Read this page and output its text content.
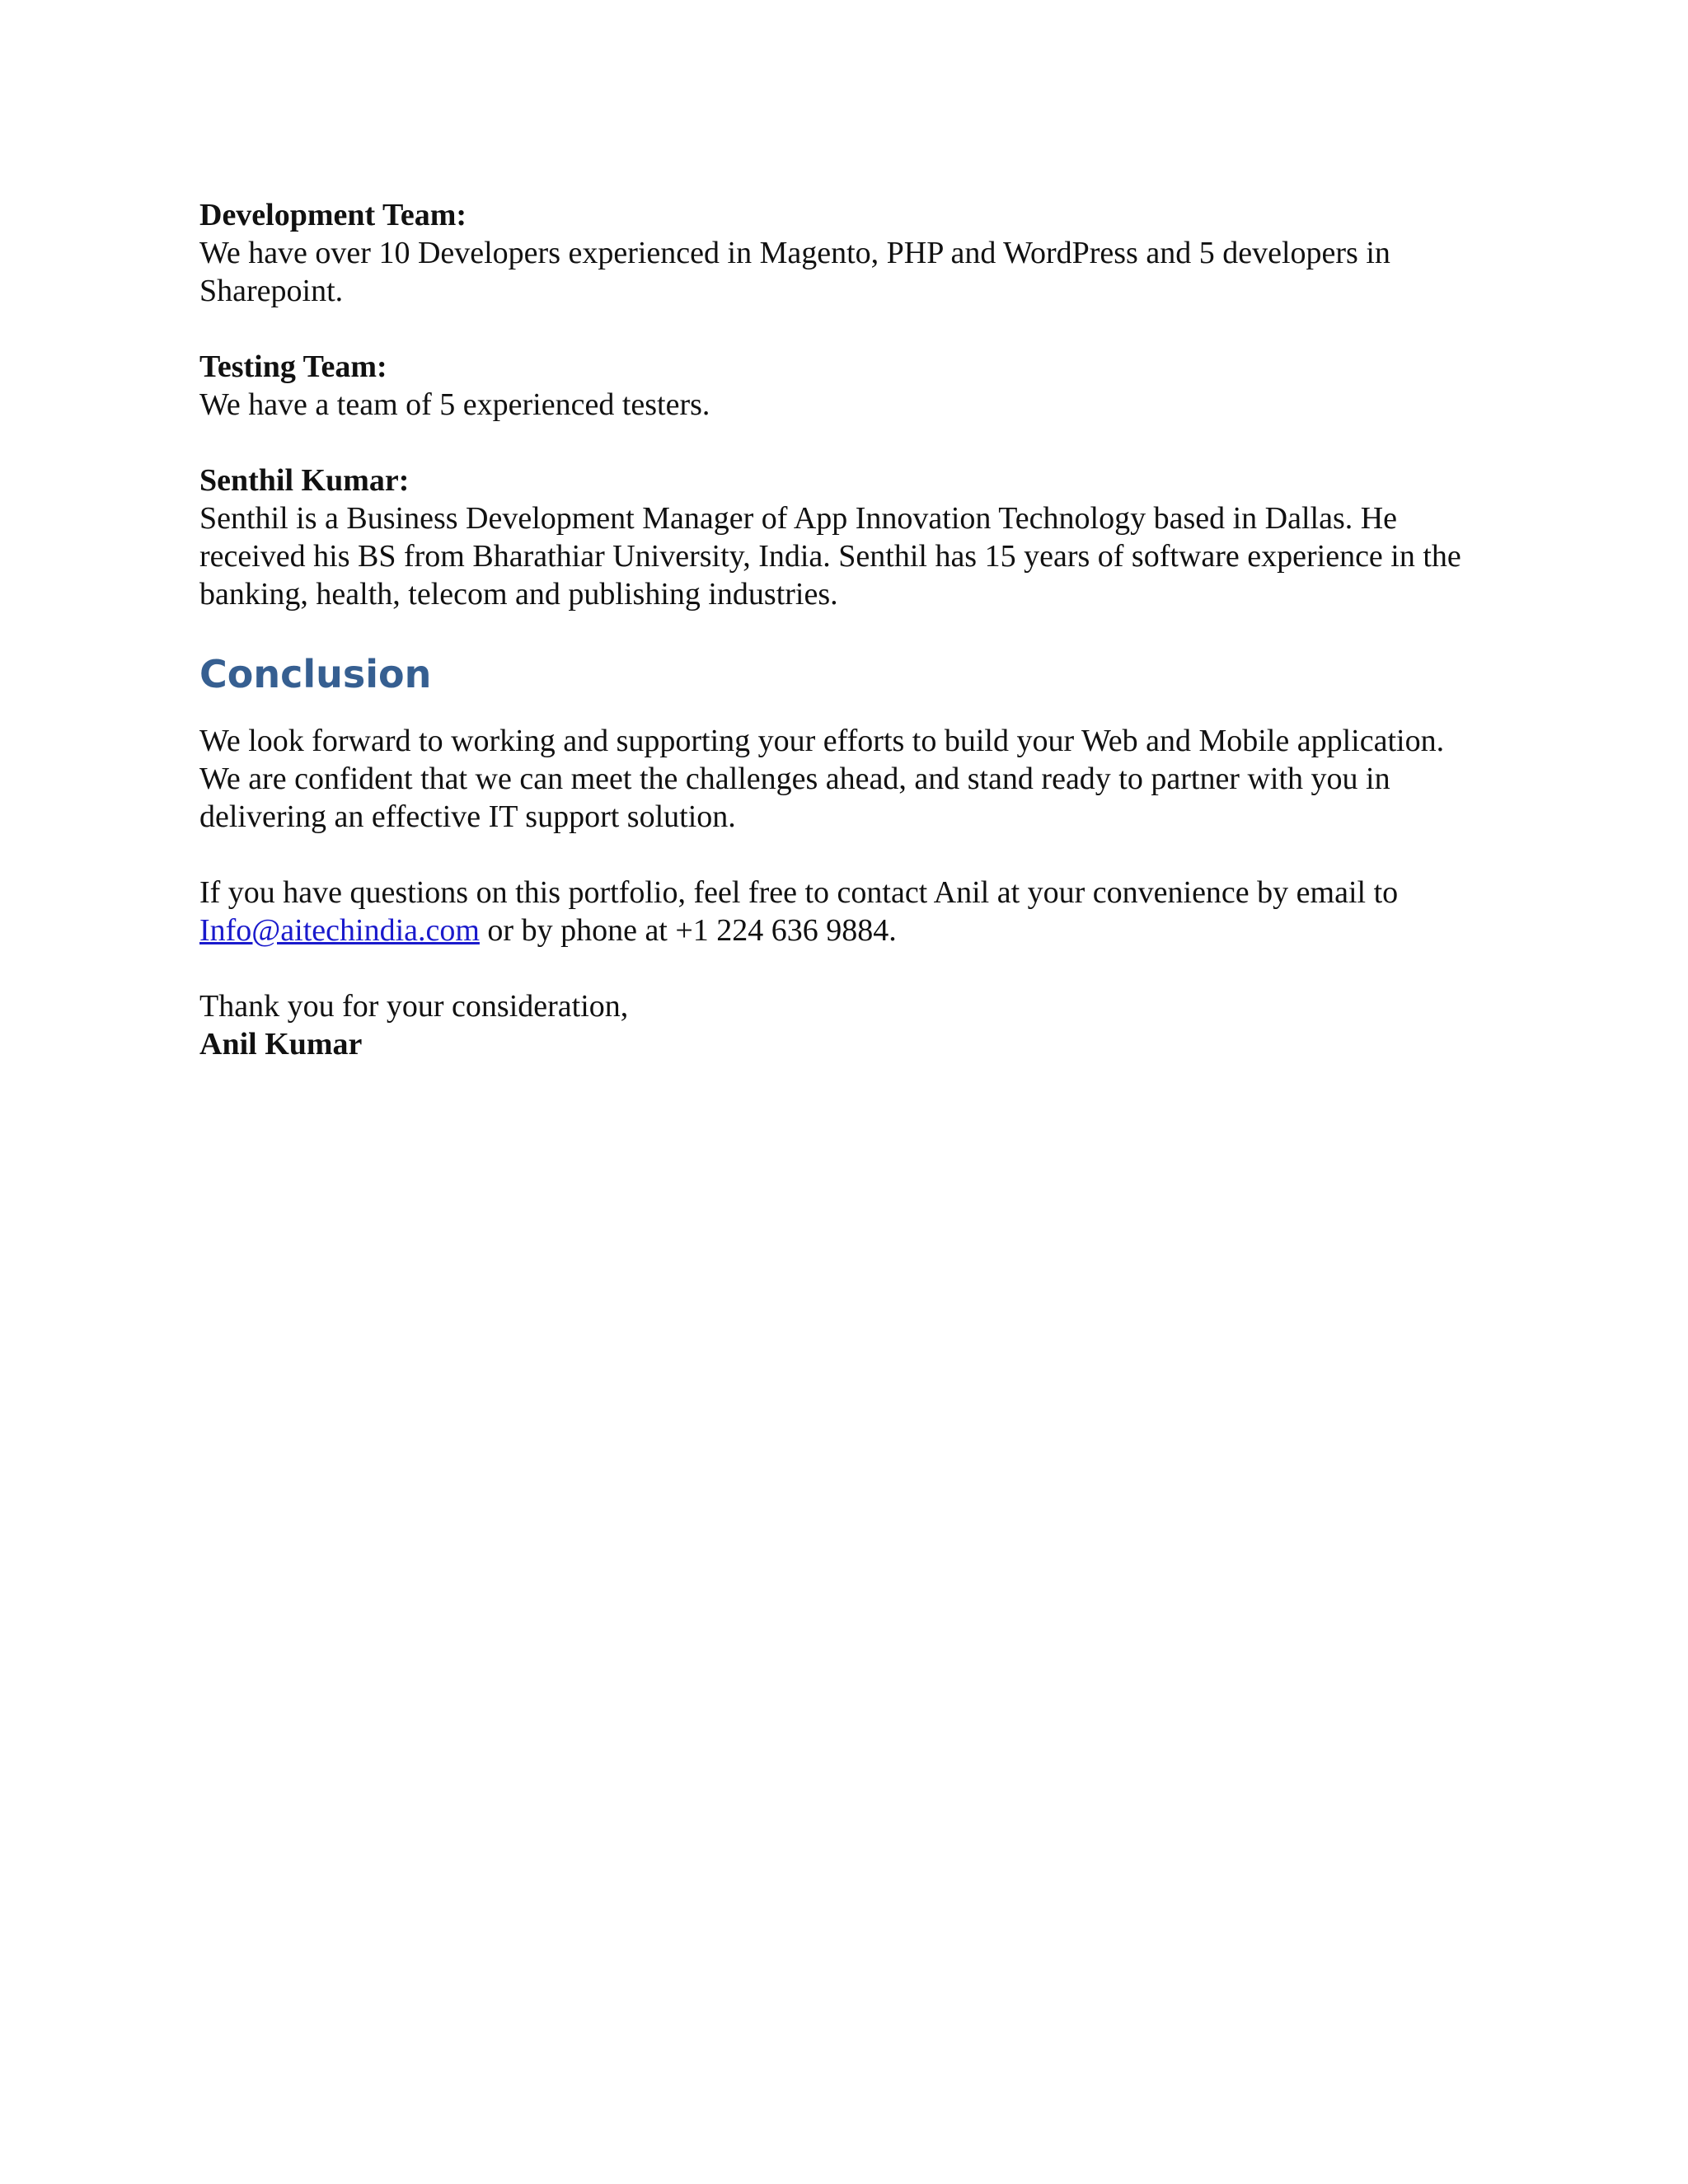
Development Team:

We have over 10 Developers experienced in Magento, PHP and WordPress and 5 developers in Sharepoint.

Testing Team:

We have a team of 5 experienced testers.

Senthil Kumar:

Senthil is a Business Development Manager of App Innovation Technology based in Dallas. He received his BS from Bharathiar University, India. Senthil has 15 years of software experience in the banking, health, telecom and publishing industries.

Conclusion

We look forward to working and supporting your efforts to build your Web and Mobile application. We are confident that we can meet the challenges ahead, and stand ready to partner with you in delivering an effective IT support solution.

If you have questions on this portfolio, feel free to contact Anil at your convenience by email to Info@aitechindia.com or by phone at +1 224 636 9884.

Thank you for your consideration,
Anil Kumar
